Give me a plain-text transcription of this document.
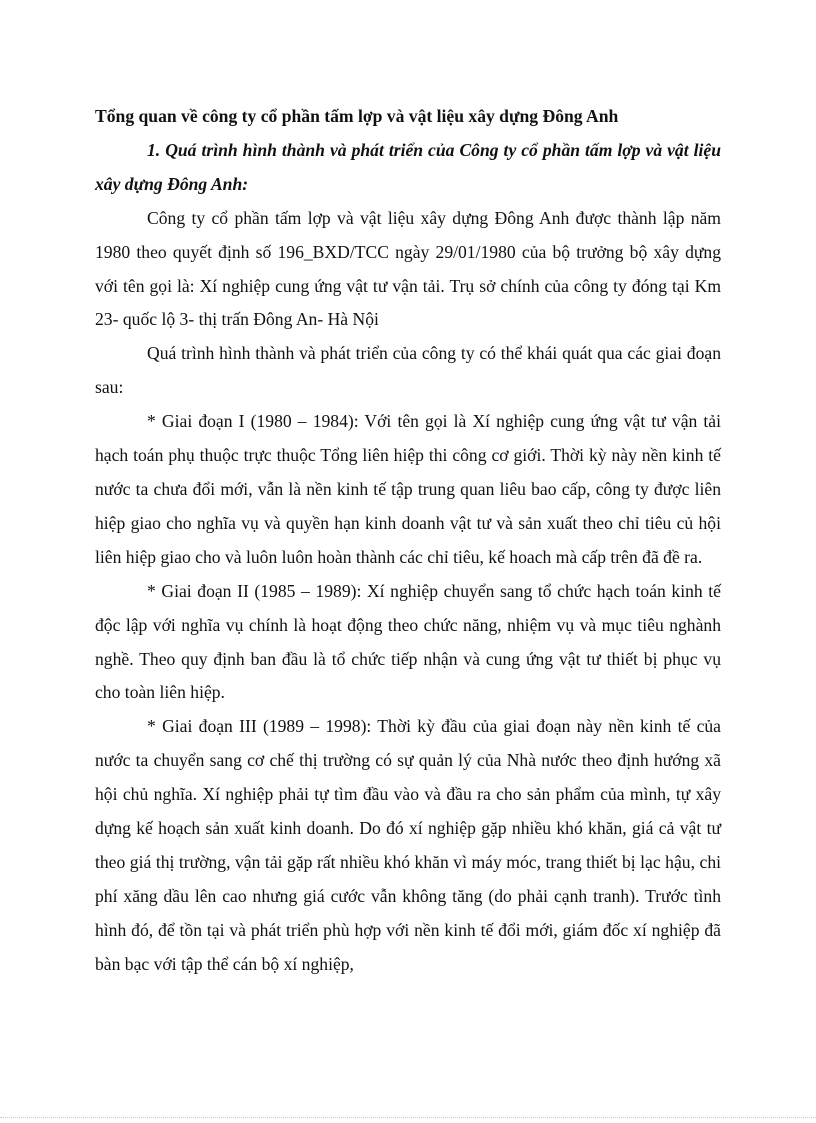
Tổng quan về công ty cổ phần tấm lợp và vật liệu xây dựng Đông Anh

1. Quá trình hình thành và phát triển của Công ty cổ phần tấm lợp và vật liệu xây dựng Đông Anh:

Công ty cổ phần tấm lợp và vật liệu xây dựng Đông Anh được thành lập năm 1980 theo quyết định số 196_BXD/TCC ngày 29/01/1980 của bộ trưởng bộ xây dựng với tên gọi là: Xí nghiệp cung ứng vật tư vận tải. Trụ sở chính của công ty đóng tại Km 23- quốc lộ 3- thị trấn Đông An- Hà Nội

Quá trình hình thành và phát triển của công ty có thể khái quát qua các giai đoạn sau:

* Giai đoạn I (1980 – 1984): Với tên gọi là Xí nghiệp cung ứng vật tư vận tải hạch toán phụ thuộc trực thuộc Tổng liên hiệp thi công cơ giới. Thời kỳ này nền kinh tế nước ta chưa đổi mới, vẫn là nền kinh tế tập trung quan liêu bao cấp, công ty được liên hiệp giao cho nghĩa vụ và quyền hạn kinh doanh vật tư và sản xuất theo chỉ tiêu củ hội liên hiệp giao cho và luôn luôn hoàn thành các chỉ tiêu, kế hoach mà cấp trên đã đề ra.

* Giai đoạn II (1985 – 1989): Xí nghiệp chuyển sang tổ chức hạch toán kinh tế độc lập với nghĩa vụ chính là hoạt động theo chức năng, nhiệm vụ và mục tiêu nghành nghề. Theo quy định ban đầu là tổ chức tiếp nhận và cung ứng vật tư thiết bị phục vụ cho toàn liên hiệp.

* Giai đoạn III (1989 – 1998): Thời kỳ đầu của giai đoạn này nền kinh tế của nước ta chuyển sang cơ chế thị trường có sự quản lý của Nhà nước theo định hướng xã hội chủ nghĩa. Xí nghiệp phải tự tìm đầu vào và đầu ra cho sản phẩm của mình, tự xây dựng kế hoạch sản xuất kinh doanh. Do đó xí nghiệp gặp nhiều khó khăn, giá cả vật tư theo giá thị trường, vận tải gặp rất nhiều khó khăn vì máy móc, trang thiết bị lạc hậu, chi phí xăng dầu lên cao nhưng giá cước vẫn không tăng (do phải cạnh tranh). Trước tình hình đó, để tồn tại và phát triển phù hợp với nền kinh tế đổi mới, giám đốc xí nghiệp đã bàn bạc với tập thể cán bộ xí nghiệp,
